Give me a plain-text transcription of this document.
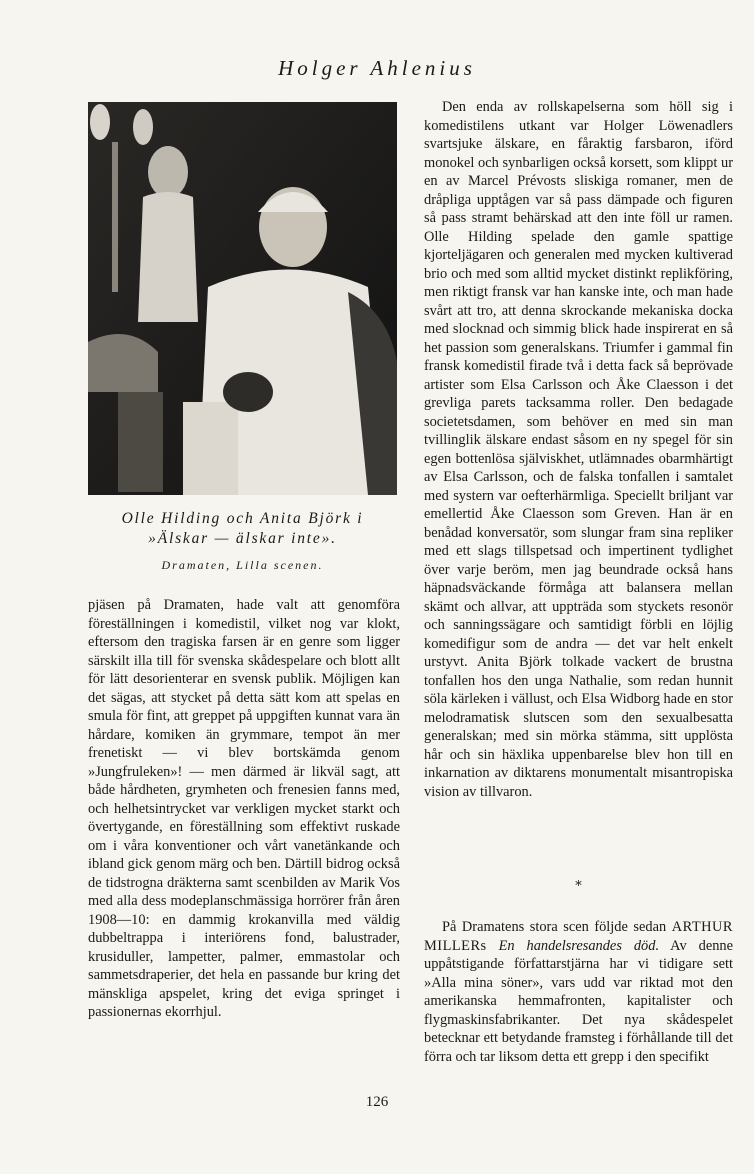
Holger Ahlenius
Olle Hilding och Anita Björk i
»Älskar — älskar inte».
Dramaten, Lilla scenen.

pjäsen på Dramaten, hade valt att genomföra föreställningen i komedistil, vilket nog var klokt, eftersom den tragiska farsen är en genre som ligger särskilt illa till för svenska skådespelare och blott allt för lätt desorienterar en svensk publik. Möjligen kan det sägas, att stycket på detta sätt kom att spelas en smula för fint, att greppet på uppgiften kunnat vara än hårdare, komiken än grymmare, tempot än mer frenetiskt — vi blev bortskämda genom »Jungfruleken»! — men därmed är likväl sagt, att både hårdheten, grymheten och frenesien fanns med, och helhetsintrycket var verkligen mycket starkt och övertygande, en föreställning som effektivt ruskade om i våra konventioner och vårt vanetänkande och ibland gick genom märg och ben. Därtill bidrog också de tidstrogna dräkterna samt scenbilden av Marik Vos med alla dess modeplanschmässiga horrörer från åren 1908—10: en dammig krokanvilla med väldig dubbeltrappa i interiörens fond, balustrader, krusiduller, lampetter, palmer, emmastolar och sammetsdraperier, det hela en passande bur kring det mänskliga apspelet, kring det eviga springet i passionernas ekorrhjul.

Den enda av rollskapelserna som höll sig i komedistilens utkant var Holger Löwenadlers svartsjuke älskare, en fåraktig farsbaron, iförd monokel och synbarligen också korsett, som klippt ur en av Marcel Prévosts sliskiga romaner, men de dråpliga upptågen var så pass dämpade och figuren så pass stramt behärskad att den inte föll ur ramen. Olle Hilding spelade den gamle spattige kjorteljägaren och generalen med mycken kultiverad brio och med som alltid mycket distinkt replikföring, men riktigt fransk var han kanske inte, och man hade svårt att tro, att denna skrockande mekaniska docka med slocknad och simmig blick hade inspirerat en så het passion som generalskans. Triumfer i gammal fin fransk komedistil firade två i detta fack så beprövade artister som Elsa Carlsson och Åke Claesson i det grevliga parets tacksamma roller. Den bedagade societetsdamen, som behöver en med sin man tvillinglik älskare endast såsom en ny spegel för sin egen bottenlösa själviskhet, utlämnades obarmhärtigt av Elsa Carlsson, och de falska tonfallen i samtalet med systern var oefterhärmliga. Speciellt briljant var emellertid Åke Claesson som Greven. Han är en benådad konversatör, som slungar fram sina repliker med ett slags tillspetsad och impertinent tydlighet över varje beröm, men jag beundrade också hans häpnadsväckande förmåga att balansera mellan skämt och allvar, att uppträda som styckets resonör och sanningssägare och samtidigt förbli en löjlig komedifigur som de andra — det var helt enkelt urstyvt. Anita Björk tolkade vackert de brustna tonfallen hos den unga Nathalie, som redan hunnit söla kärleken i vällust, och Elsa Widborg hade en stor melodramatisk slutscen som den sexualbesatta generalskan; med sin mörka stämma, sitt upplösta hår och sin häxlika uppenbarelse blev hon till en inkarnation av diktarens monumentalt misantropiska vision av tillvaron.

*

På Dramatens stora scen följde sedan ARTHUR MILLERs En handelsresandes död. Av denne uppåtstigande författarstjärna har vi tidigare sett »Alla mina söner», vars udd var riktad mot den amerikanska hemmafronten, kapitalister och flygmaskinsfabrikanter. Det nya skådespelet betecknar ett betydande framsteg i förhållande till det förra och tar liksom detta ett grepp i den specifikt

126
